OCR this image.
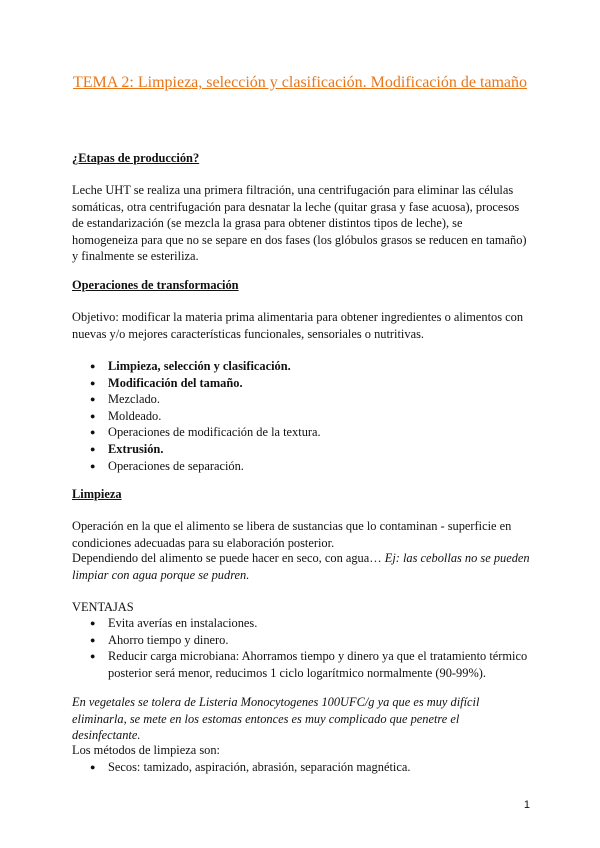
TEMA 2: Limpieza, selección y clasificación. Modificación de tamaño
¿Etapas de producción?

Leche UHT se realiza una primera filtración, una centrifugación para eliminar las células somáticas, otra centrifugación para desnatar la leche (quitar grasa y fase acuosa), procesos de estandarización (se mezcla la grasa para obtener distintos tipos de leche), se homogeneiza para que no se separe en dos fases (los glóbulos grasos se reducen en tamaño) y finalmente se esteriliza.

Operaciones de transformación

Objetivo: modificar la materia prima alimentaria para obtener ingredientes o alimentos con nuevas y/o mejores características funcionales, sensoriales o nutritivas.

● Limpieza, selección y clasificación.
● Modificación del tamaño.
● Mezclado.
● Moldeado.
● Operaciones de modificación de la textura.
● Extrusión.
● Operaciones de separación.
Limpieza

Operación en la que el alimento se libera de sustancias que lo contaminan - superficie en condiciones adecuadas para su elaboración posterior.

Dependiendo del alimento se puede hacer en seco, con agua… Ej: las cebollas no se pueden limpiar con agua porque se pudren.

VENTAJAS
● Evita averías en instalaciones.
● Ahorro tiempo y dinero.
● Reducir carga microbiana: Ahorramos tiempo y dinero ya que el tratamiento térmico posterior será menor, reducimos 1 ciclo logarítmico normalmente (90-99%).

En vegetales se tolera de Listeria Monocytogenes 100UFC/g ya que es muy difícil eliminarla, se mete en los estomas entonces es muy complicado que penetre el desinfectante.

Los métodos de limpieza son:
● Secos: tamizado, aspiración, abrasión, separación magnética.
1
